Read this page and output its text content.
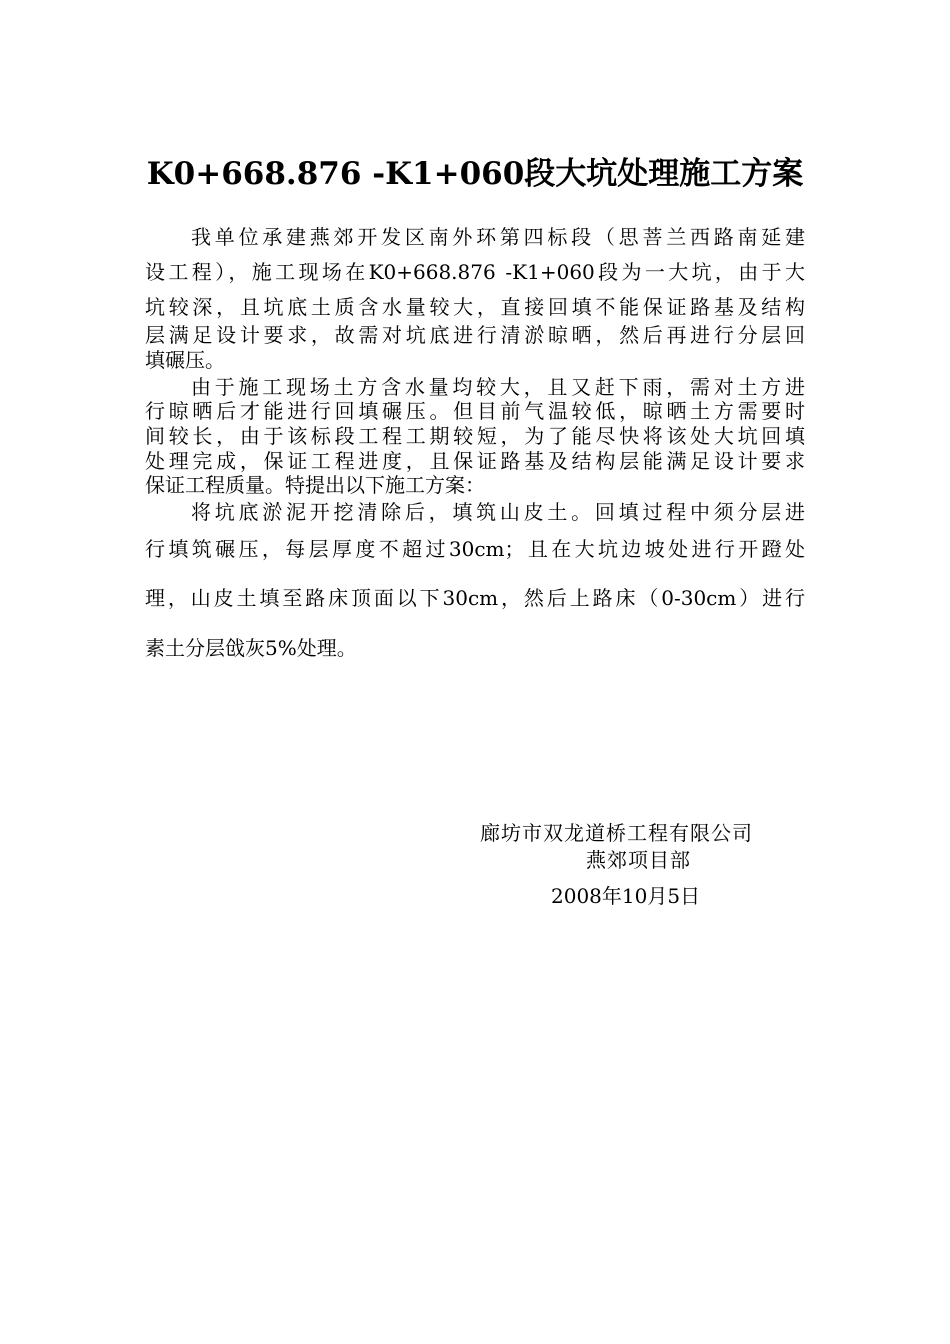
K0+668.876 -K1+060段大坑处理施工方案
我单位承建燕郊开发区南外环第四标段（思菩兰西路南延建
设工程），施工现场在K0+668.876 -K1+060段为一大坑，由于大
坑较深，且坑底土质含水量较大，直接回填不能保证路基及结构
层满足设计要求，故需对坑底进行清淤晾晒，然后再进行分层回
填碾压。
由于施工现场土方含水量均较大，且又赶下雨，需对土方进
行晾晒后才能进行回填碾压。但目前气温较低，晾晒土方需要时
间较长，由于该标段工程工期较短，为了能尽快将该处大坑回填
处理完成，保证工程进度，且保证路基及结构层能满足设计要求
保证工程质量。特提出以下施工方案：
将坑底淤泥开挖清除后，填筑山皮土。回填过程中须分层进
行填筑碾压，每层厚度不超过30cm；且在大坑边坡处进行开蹬处
理，山皮土填至路床顶面以下30cm，然后上路床（0-30cm）进行
素土分层戗灰5%处理。
廊坊市双龙道桥工程有限公司
燕郊项目部
2008年10月5日
